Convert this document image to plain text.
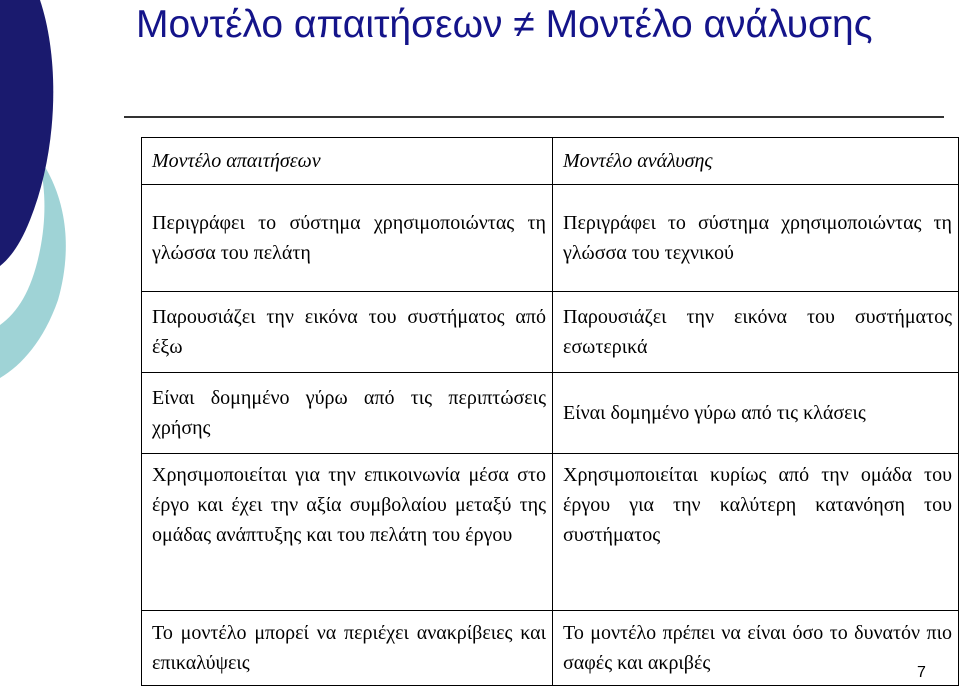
Μοντέλο απαιτήσεων ≠ Μοντέλο ανάλυσης
Μοντέλο απαιτήσεων	Μοντέλο ανάλυσης
Περιγράφει το σύστημα χρησιμοποιώντας τη γλώσσα του πελάτη	Περιγράφει το σύστημα χρησιμοποιώντας τη γλώσσα του τεχνικού
Παρουσιάζει την εικόνα του συστήματος από έξω	Παρουσιάζει την εικόνα του συστήματος εσωτερικά
Είναι δομημένο γύρω από τις περιπτώσεις χρήσης	Είναι δομημένο γύρω από τις κλάσεις
Χρησιμοποιείται για την επικοινωνία μέσα στο έργο και έχει την αξία συμβολαίου μεταξύ της ομάδας ανάπτυξης και του πελάτη του έργου	Χρησιμοποιείται κυρίως από την ομάδα του έργου για την καλύτερη κατανόηση του συστήματος
Το μοντέλο μπορεί να περιέχει ανακρίβειες και επικαλύψεις	Το μοντέλο πρέπει να είναι όσο το δυνατόν πιο σαφές και ακριβές	7
